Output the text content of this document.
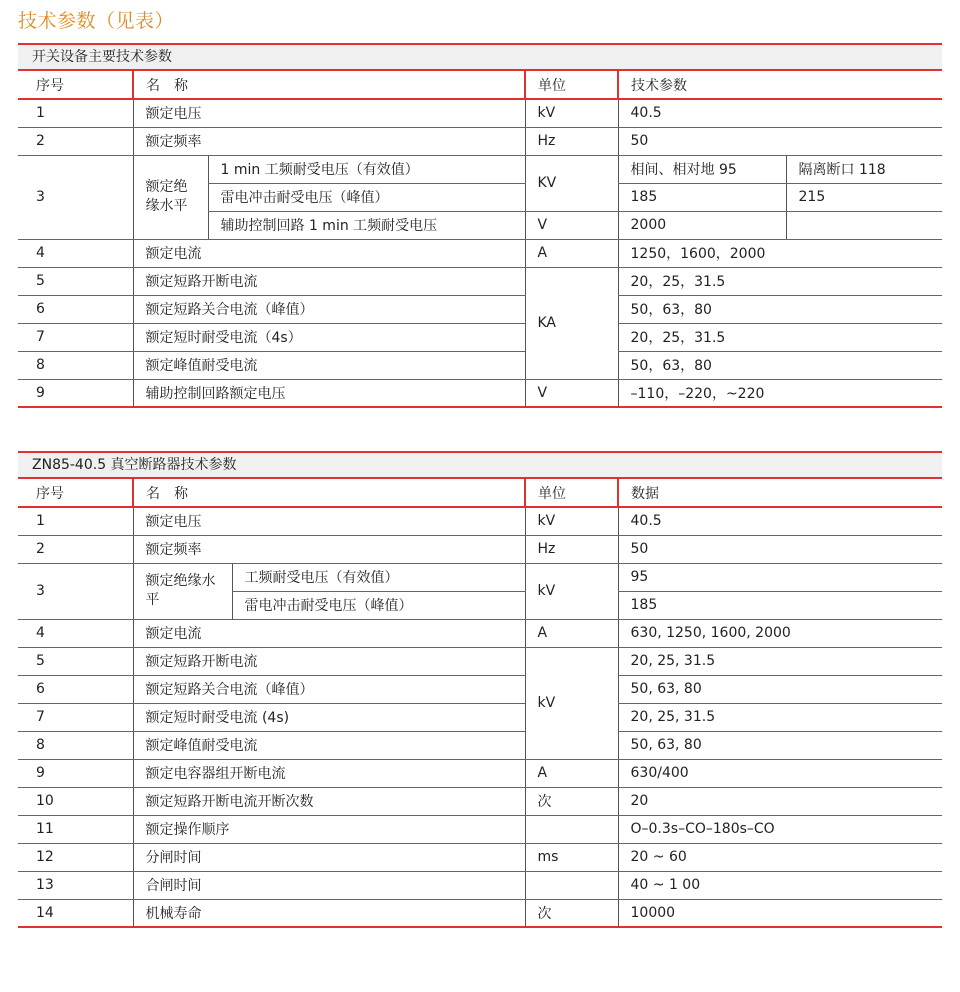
技术参数（见表）
开关设备主要技术参数
序号	名　称		单位	技术参数	
1	额定电压		kV	40.5	
2	额定频率		Hz	50	
3	额定绝缘水平	1 min 工频耐受电压（有效值）	KV	相间、相对地 95	隔离断口 118
		雷电冲击耐受电压（峰值）		185	215
		辅助控制回路 1 min 工频耐受电压	V	2000	
4	额定电流		A	1250，1600，2000	
5	额定短路开断电流		KA	20，25，31.5	
6	额定短路关合电流（峰值）			50，63，80	
7	额定短时耐受电流（4s）			20，25，31.5	
8	额定峰值耐受电流			50，63，80	
9	辅助控制回路额定电压		V	–110，–220，~220	
ZN85-40.5 真空断路器技术参数
序号	名　称		单位	数据
1	额定电压		kV	40.5
2	额定频率		Hz	50
3	额定绝缘水平	工频耐受电压（有效值）	kV	95
		雷电冲击耐受电压（峰值）		185
4	额定电流		A	630, 1250, 1600, 2000
5	额定短路开断电流		kV	20, 25, 31.5
6	额定短路关合电流（峰值）			50, 63, 80
7	额定短时耐受电流 (4s)			20, 25, 31.5
8	额定峰值耐受电流			50, 63, 80
9	额定电容器组开断电流		A	630/400
10	额定短路开断电流开断次数		次	20
11	额定操作顺序			O–0.3s–CO–180s–CO
12	分闸时间		ms	20 ~ 60
13	合闸时间			40 ~ 1 00
14	机械寿命		次	10000
